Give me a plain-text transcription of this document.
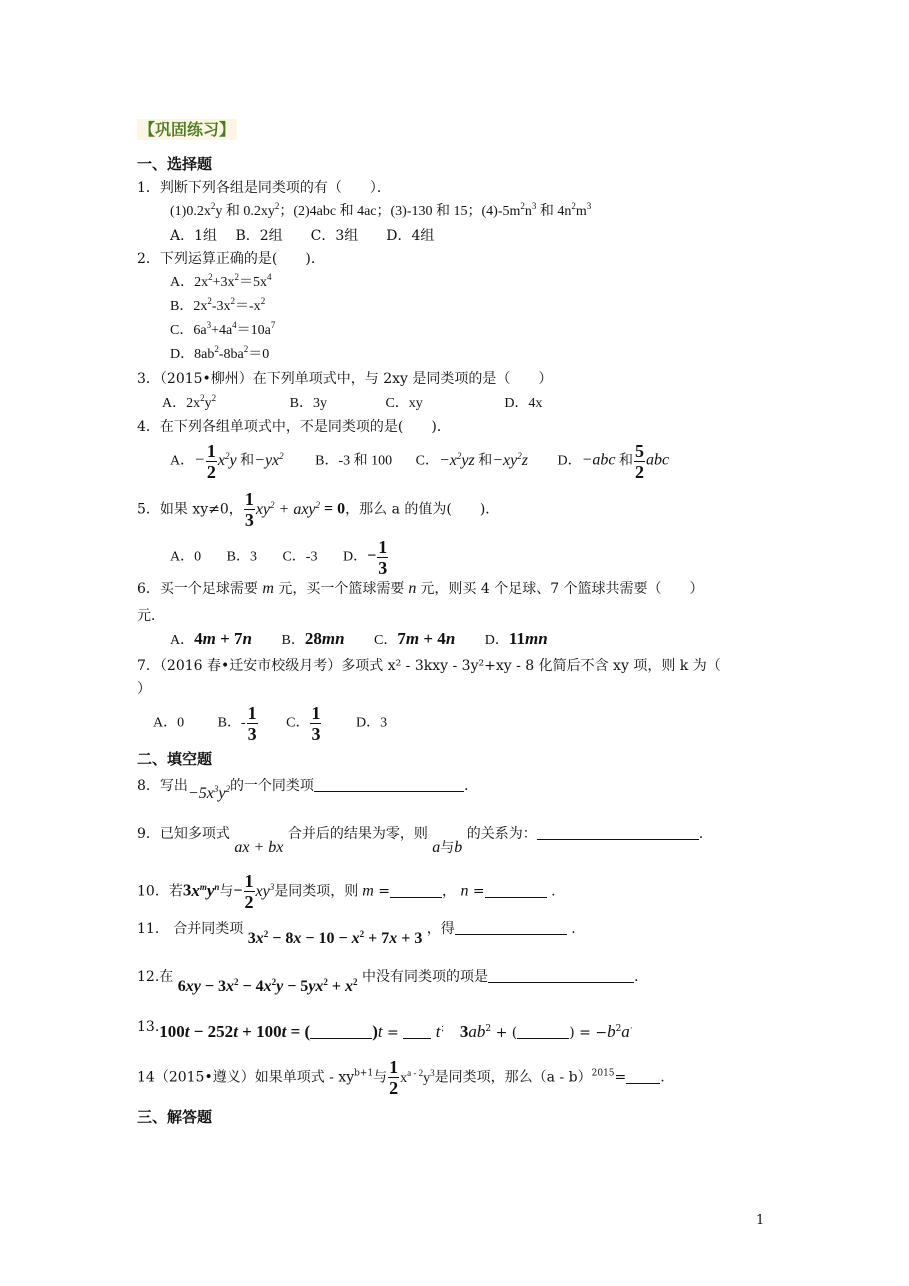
【巩固练习】
一、选择题
1．判断下列各组是同类项的有（　　）．
$(1)0.2x^2y$ 和 $0.2xy^2$；(2)4abc 和 4ac；(3)-130 和 15；$(4)-5m^2n^3$ 和 $4n^2m^3$
A．1组　 B．2组　　C．3组　　D．4组
2．下列运算正确的是(　　)．
A．$2x^2+3x^2=5x^4$
B．$2x^2-3x^2=-x^2$
C．$6a^3+4a^4=10a^7$
D．$8ab^2-8ba^2=0$
3．（2015•柳州）在下列单项式中，与 2xy 是同类项的是（　　）
A．$2x^2y^2$	B．3y	C．xy	D．4x
4．在下列各组单项式中，不是同类项的是(　　)．
A．− $\frac{1}{2} x^2y$ 和$-yx^2$ B．-3 和 100 C．$-x^2yz$ 和$-xy^2z$ D．−abc 和 $\frac{5}{2}$ abc
5．如果 xy≠0， $\frac{1}{3} xy^2 + axy^2 = 0$，那么 a 的值为(　　)．
A．0 B．3 C．-3 D．− $\frac{1}{3}$
6．买一个足球需要 m 元，买一个篮球需要 n 元，则买 4 个足球、7 个篮球共需要（　　）
元．
A．4m + 7n B．28mn C．7m + 4n D．11mn
7．（2016 春•迁安市校级月考）多项式 x² - 3kxy - 3y²+xy - 8 化简后不含 xy 项，则 k 为（
）
A．0 B．- $\frac{1}{3}$ C． $\frac{1}{3}$ D．3
二、填空题
8．写出$-5x^3y^2$的一个同类项	.
9．已知多项式 ax + bx 合并后的结果为零，则 a与b 的关系为：	.
10．若$3x^my^n$与− $\frac{1}{2} xy^3$是同类项，则 m =	， n =	.
11． 合并同类项 $3x^2 - 8x - 10 - x^2 + 7x + 3$ ，得	.
12.在 $6xy - 3x^2 - 4x^2y - 5yx^2 + x^2$ 中没有同类项的项是	.
13.100t − 252t + 100t = (	)t =  t； $3ab^2$ + (	) = $-b^2a^\cdot$
14（2015•遵义）如果单项式 - $xy^{b+1}$与 $\frac{1}{2} x^{a - 2}y^3$是同类项，那么（a - b）$^{2015}$= .
三、解答题
1
